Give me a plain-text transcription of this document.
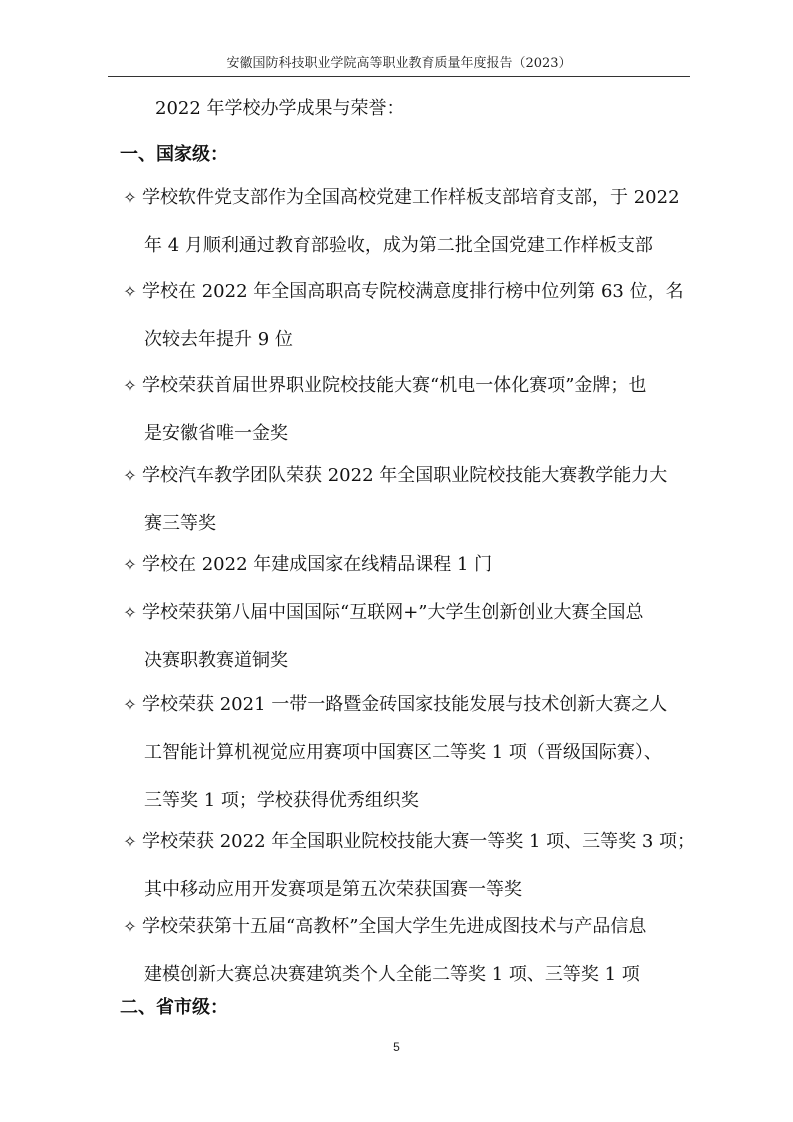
安徽国防科技职业学院高等职业教育质量年度报告（2023）
2022 年学校办学成果与荣誉：
一、国家级：
✧ 学校软件党支部作为全国高校党建工作样板支部培育支部，于 2022
年 4 月顺利通过教育部验收，成为第二批全国党建工作样板支部
✧ 学校在 2022 年全国高职高专院校满意度排行榜中位列第 63 位，名
次较去年提升 9 位
✧ 学校荣获首届世界职业院校技能大赛“机电一体化赛项”金牌；也
是安徽省唯一金奖
✧ 学校汽车教学团队荣获 2022 年全国职业院校技能大赛教学能力大
赛三等奖
✧ 学校在 2022 年建成国家在线精品课程 1 门
✧ 学校荣获第八届中国国际“互联网+”大学生创新创业大赛全国总
决赛职教赛道铜奖
✧ 学校荣获 2021 一带一路暨金砖国家技能发展与技术创新大赛之人
工智能计算机视觉应用赛项中国赛区二等奖 1 项（晋级国际赛）、
三等奖 1 项；学校获得优秀组织奖
✧ 学校荣获 2022 年全国职业院校技能大赛一等奖 1 项、三等奖 3 项；
其中移动应用开发赛项是第五次荣获国赛一等奖
✧ 学校荣获第十五届“高教杯”全国大学生先进成图技术与产品信息
建模创新大赛总决赛建筑类个人全能二等奖 1 项、三等奖 1 项
二、省市级：
5
